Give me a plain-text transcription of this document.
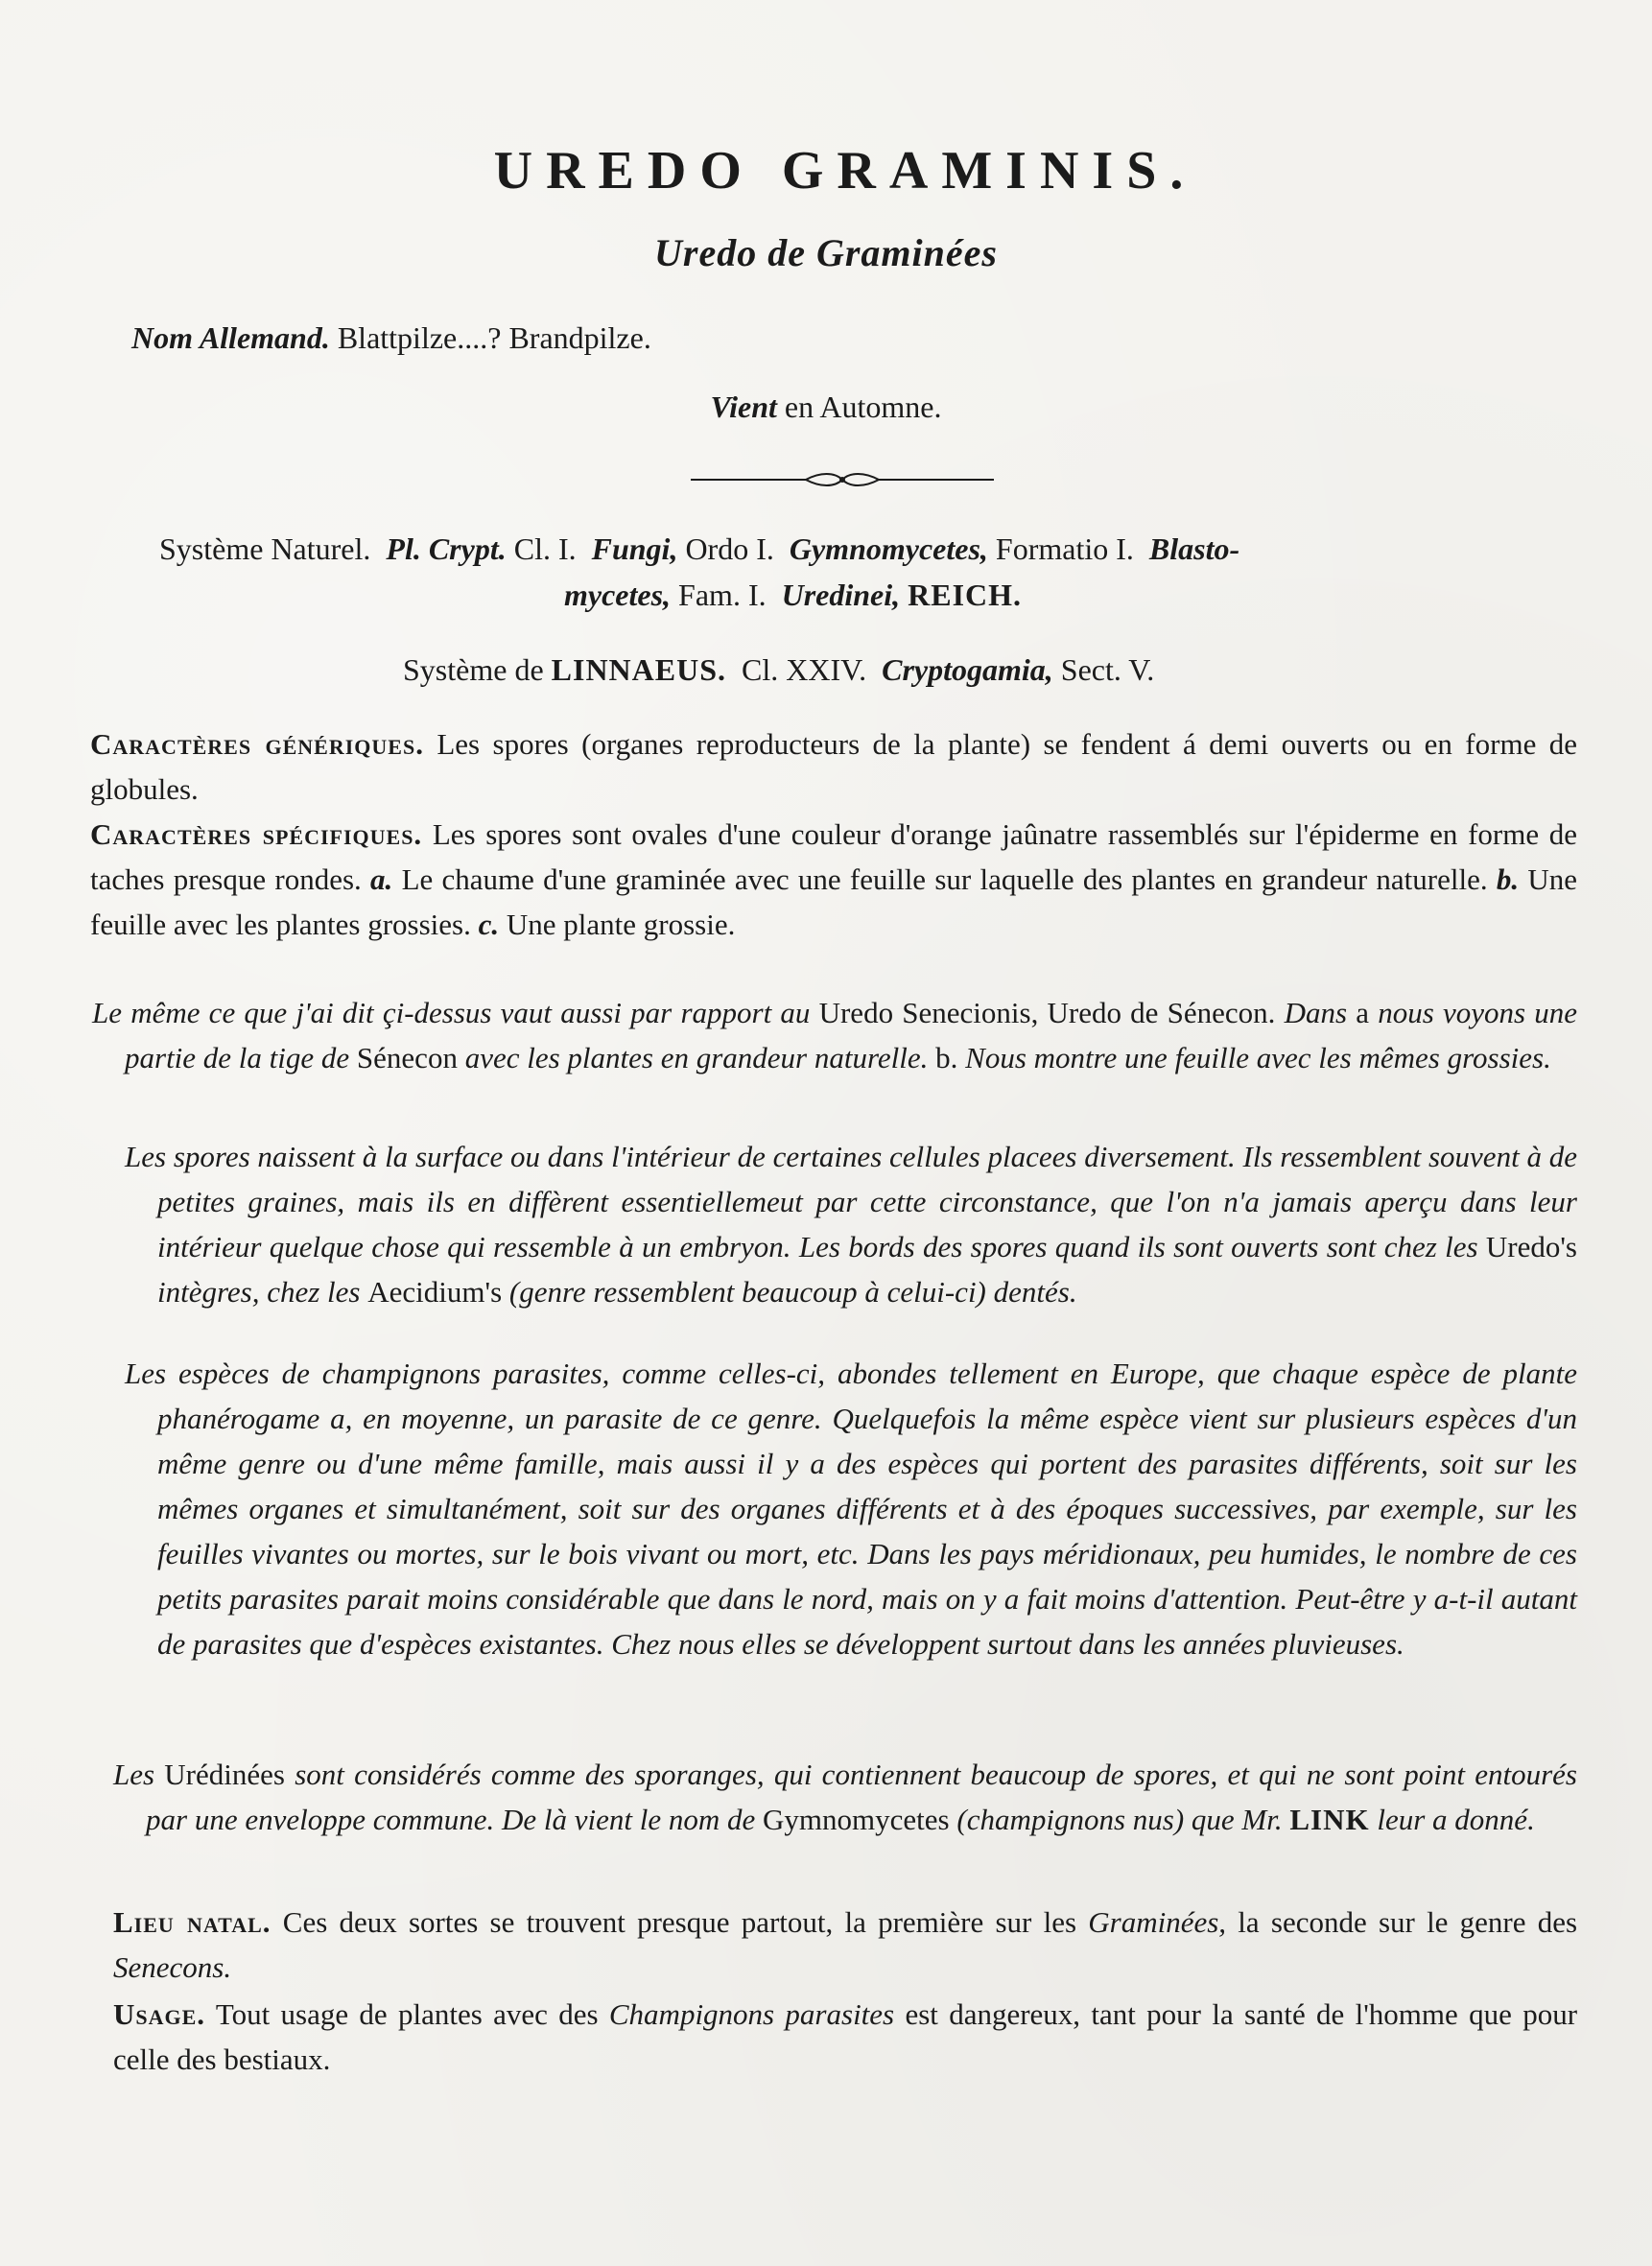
UREDO GRAMINIS.
Uredo de Graminées
Nom Allemand. Blattpilze....? Brandpilze.
Vient en Automne.
Système Naturel. Pl. Crypt. Cl. I. Fungi, Ordo I. Gymnomycetes, Formatio I. Blasto-
mycetes, Fam. I. Uredinei, REICH.
Système de LINNAEUS. Cl. XXIV. Cryptogamia, Sect. V.

Caractères génériques. Les spores (organes reproducteurs de la plante) se fendent á demi ouverts ou en forme de globules.

Caractères spécifiques. Les spores sont ovales d'une couleur d'orange jaûnatre rassemblés sur l'épiderme en forme de taches presque rondes. a. Le chaume d'une graminée avec une feuille sur laquelle des plantes en grandeur naturelle. b. Une feuille avec les plantes grossies. c. Une plante grossie.

Le même ce que j'ai dit çi-dessus vaut aussi par rapport au Uredo Senecionis, Uredo de Sénecon. Dans a nous voyons une partie de la tige de Sénecon avec les plantes en grandeur naturelle. b. Nous montre une feuille avec les mêmes grossies.

Les spores naissent à la surface ou dans l'intérieur de certaines cellules placees diversement. Ils ressemblent souvent à de petites graines, mais ils en diffèrent essentiellemeut par cette circonstance, que l'on n'a jamais aperçu dans leur intérieur quelque chose qui ressemble à un embryon. Les bords des spores quand ils sont ouverts sont chez les Uredo's intègres, chez les Aecidium's (genre ressemblent beaucoup à celui-ci) dentés.

Les espèces de champignons parasites, comme celles-ci, abondes tellement en Europe, que chaque espèce de plante phanérogame a, en moyenne, un parasite de ce genre. Quelquefois la même espèce vient sur plusieurs espèces d'un même genre ou d'une même famille, mais aussi il y a des espèces qui portent des parasites différents, soit sur les mêmes organes et simultanément, soit sur des organes différents et à des époques successives, par exemple, sur les feuilles vivantes ou mortes, sur le bois vivant ou mort, etc. Dans les pays méridionaux, peu humides, le nombre de ces petits parasites parait moins considérable que dans le nord, mais on y a fait moins d'attention. Peut-être y a-t-il autant de parasites que d'espèces existantes. Chez nous elles se développent surtout dans les années pluvieuses.

Les Urédinées sont considérés comme des sporanges, qui contiennent beaucoup de spores, et qui ne sont point entourés par une enveloppe commune. De là vient le nom de Gymnomycetes (champignons nus) que Mr. LINK leur a donné.

Lieu natal. Ces deux sortes se trouvent presque partout, la première sur les Graminées, la seconde sur le genre des Senecons.

Usage. Tout usage de plantes avec des Champignons parasites est dangereux, tant pour la santé de l'homme que pour celle des bestiaux.
